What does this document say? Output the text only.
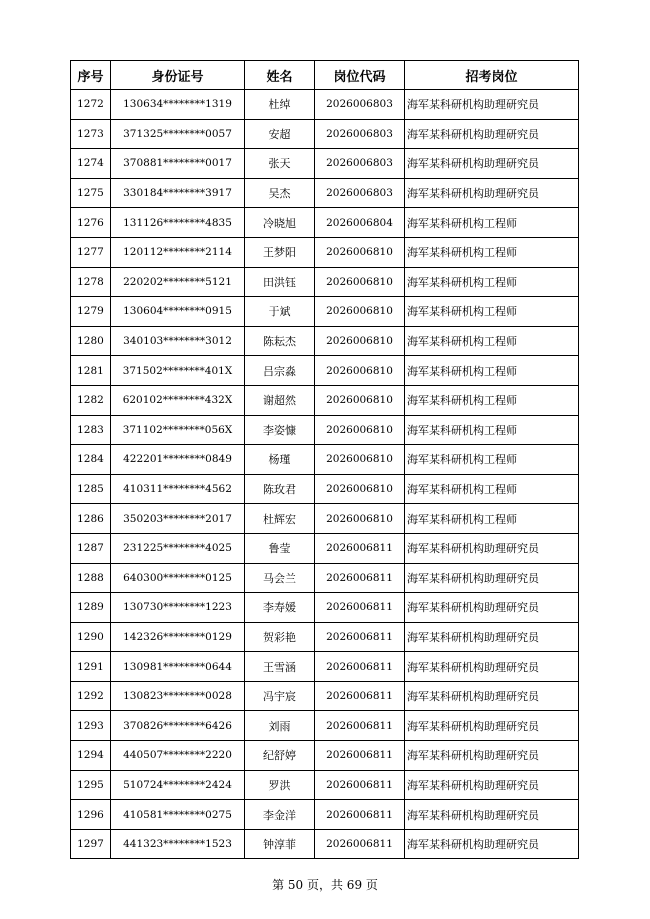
序号	身份证号	姓名	岗位代码	招考岗位
1272	130634********1319	杜绰	2026006803	海军某科研机构助理研究员
1273	371325********0057	安超	2026006803	海军某科研机构助理研究员
1274	370881********0017	张天	2026006803	海军某科研机构助理研究员
1275	330184********3917	吴杰	2026006803	海军某科研机构助理研究员
1276	131126********4835	冷晓旭	2026006804	海军某科研机构工程师
1277	120112********2114	王梦阳	2026006810	海军某科研机构工程师
1278	220202********5121	田洪钰	2026006810	海军某科研机构工程师
1279	130604********0915	于斌	2026006810	海军某科研机构工程师
1280	340103********3012	陈耘杰	2026006810	海军某科研机构工程师
1281	371502********401X	吕宗淼	2026006810	海军某科研机构工程师
1282	620102********432X	谢超然	2026006810	海军某科研机构工程师
1283	371102********056X	李姿慷	2026006810	海军某科研机构工程师
1284	422201********0849	杨瑾	2026006810	海军某科研机构工程师
1285	410311********4562	陈玫君	2026006810	海军某科研机构工程师
1286	350203********2017	杜辉宏	2026006810	海军某科研机构工程师
1287	231225********4025	鲁莹	2026006811	海军某科研机构助理研究员
1288	640300********0125	马会兰	2026006811	海军某科研机构助理研究员
1289	130730********1223	李寿媛	2026006811	海军某科研机构助理研究员
1290	142326********0129	贺彩艳	2026006811	海军某科研机构助理研究员
1291	130981********0644	王雪涵	2026006811	海军某科研机构助理研究员
1292	130823********0028	冯宇宸	2026006811	海军某科研机构助理研究员
1293	370826********6426	刘雨	2026006811	海军某科研机构助理研究员
1294	440507********2220	纪舒婷	2026006811	海军某科研机构助理研究员
1295	510724********2424	罗洪	2026006811	海军某科研机构助理研究员
1296	410581********0275	李金洋	2026006811	海军某科研机构助理研究员
1297	441323********1523	钟淳菲	2026006811	海军某科研机构助理研究员
第 50 页，共 69 页
